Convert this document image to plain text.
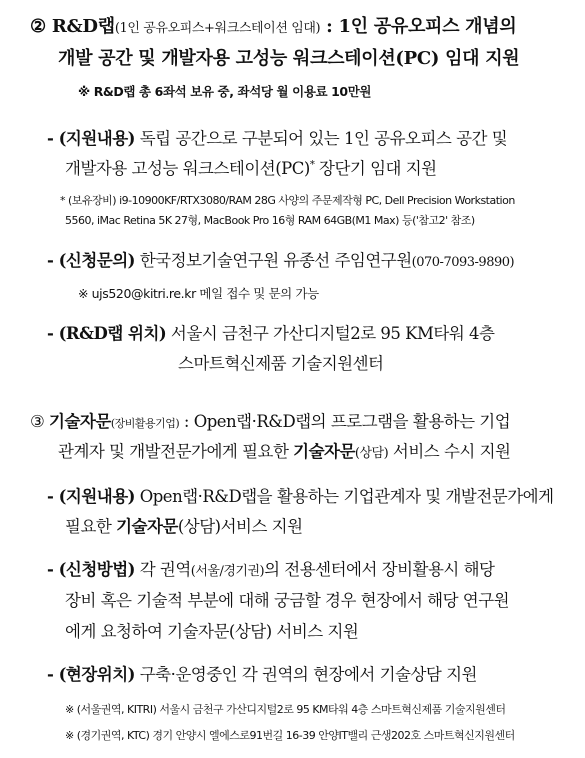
② R&D랩(1인 공유오피스+워크스테이션 임대) : 1인 공유오피스 개념의
개발 공간 및 개발자용 고성능 워크스테이션(PC) 임대 지원
※ R&D랩 총 6좌석 보유 중, 좌석당 월 이용료 10만원
- (지원내용) 독립 공간으로 구분되어 있는 1인 공유오피스 공간 및
개발자용 고성능 워크스테이션(PC)* 장단기 임대 지원
* (보유장비) i9-10900KF/RTX3080/RAM 28G 사양의 주문제작형 PC, Dell Precision Workstation
5560, iMac Retina 5K 27형, MacBook Pro 16형 RAM 64GB(M1 Max) 등('참고2' 참조)
- (신청문의) 한국정보기술연구원 유종선 주임연구원(070-7093-9890)
※ ujs520@kitri.re.kr 메일 접수 및 문의 가능
- (R&D랩 위치) 서울시 금천구 가산디지털2로 95 KM타워 4층
스마트혁신제품 기술지원센터
③ 기술자문(장비활용기업) : Open랩·R&D랩의 프로그램을 활용하는 기업
관계자 및 개발전문가에게 필요한 기술자문(상담) 서비스 수시 지원
- (지원내용) Open랩·R&D랩을 활용하는 기업관계자 및 개발전문가에게
필요한 기술자문(상담)서비스 지원
- (신청방법) 각 권역(서울/경기권)의 전용센터에서 장비활용시 해당
장비 혹은 기술적 부분에 대해 궁금할 경우 현장에서 해당 연구원
에게 요청하여 기술자문(상담) 서비스 지원
- (현장위치) 구축·운영중인 각 권역의 현장에서 기술상담 지원
※ (서울권역, KITRI) 서울시 금천구 가산디지털2로 95 KM타워 4층 스마트혁신제품 기술지원센터
※ (경기권역, KTC) 경기 안양시 엘에스로91번길 16-39 안양IT밸리 근생202호 스마트혁신지원센터
